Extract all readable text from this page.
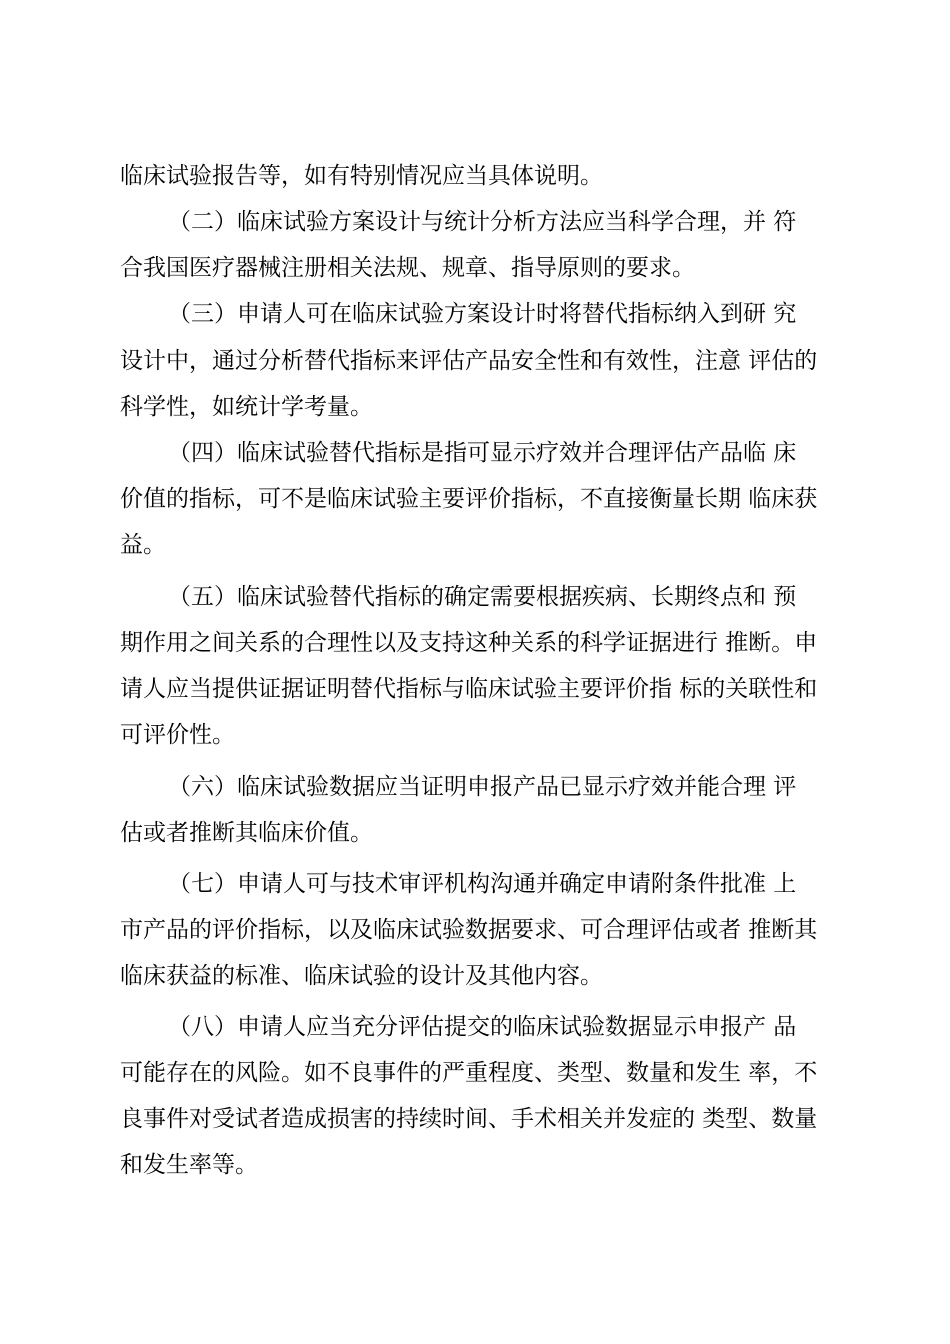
临床试验报告等，如有特别情况应当具体说明。
（二）临床试验方案设计与统计分析方法应当科学合理，并 符
合我国医疗器械注册相关法规、规章、指导原则的要求。
（三）申请人可在临床试验方案设计时将替代指标纳入到研 究
设计中，通过分析替代指标来评估产品安全性和有效性，注意 评估的
科学性，如统计学考量。
（四）临床试验替代指标是指可显示疗效并合理评估产品临 床
价值的指标，可不是临床试验主要评价指标，不直接衡量长期 临床获
益。
（五）临床试验替代指标的确定需要根据疾病、长期终点和 预
期作用之间关系的合理性以及支持这种关系的科学证据进行 推断。申
请人应当提供证据证明替代指标与临床试验主要评价指 标的关联性和
可评价性。
（六）临床试验数据应当证明申报产品已显示疗效并能合理 评
估或者推断其临床价值。
（七）申请人可与技术审评机构沟通并确定申请附条件批准 上
市产品的评价指标，以及临床试验数据要求、可合理评估或者 推断其
临床获益的标准、临床试验的设计及其他内容。
（八）申请人应当充分评估提交的临床试验数据显示申报产 品
可能存在的风险。如不良事件的严重程度、类型、数量和发生 率，不
良事件对受试者造成损害的持续时间、手术相关并发症的 类型、数量
和发生率等。
